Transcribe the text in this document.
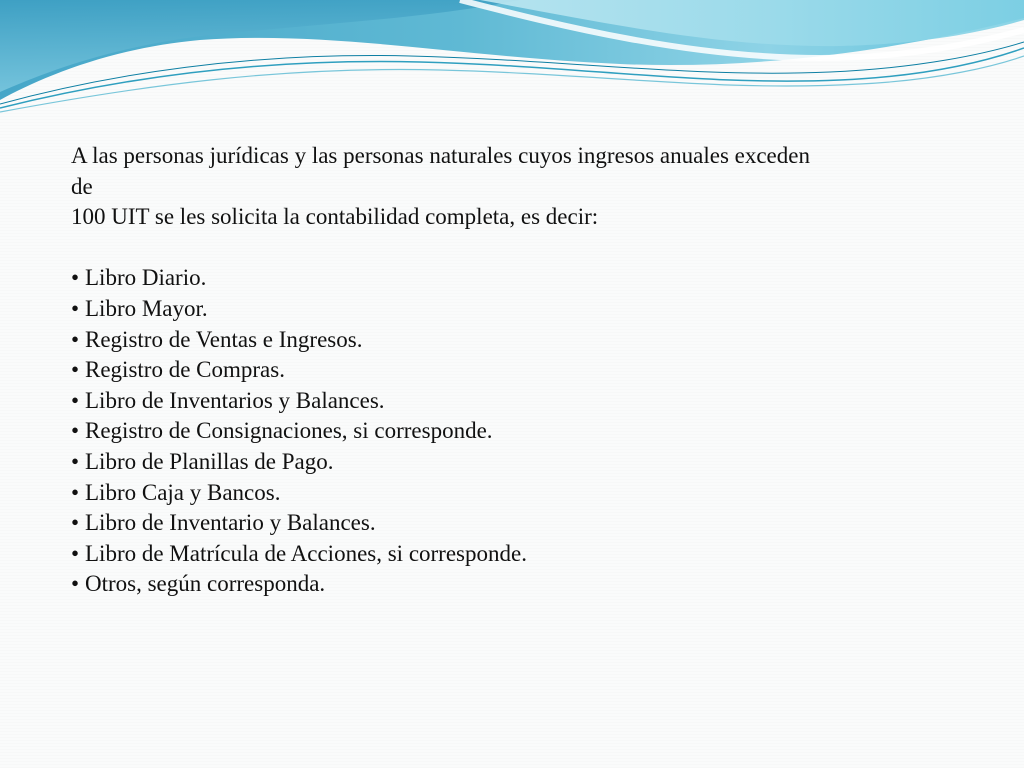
A las personas jurídicas y las personas naturales cuyos ingresos anuales exceden
de
100 UIT se les solicita la contabilidad completa, es decir:
• Libro Diario.
• Libro Mayor.
• Registro de Ventas e Ingresos.
• Registro de Compras.
• Libro de Inventarios y Balances.
• Registro de Consignaciones, si corresponde.
• Libro de Planillas de Pago.
• Libro Caja y Bancos.
• Libro de Inventario y Balances.
• Libro de Matrícula de Acciones, si corresponde.
• Otros, según corresponda.
